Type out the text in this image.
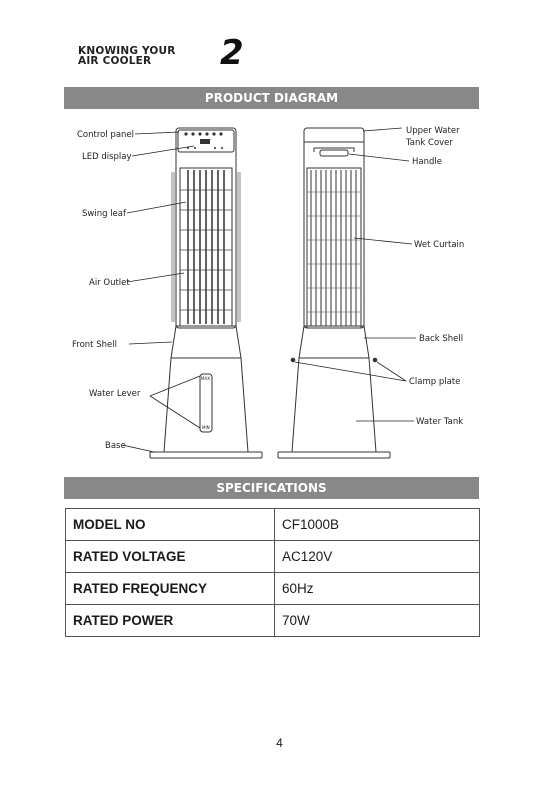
KNOWING YOUR
AIR COOLER	2
PRODUCT DIAGRAM
MAX
MIN
Control panel
LED display
Swing leaf
Air Outlet
Front Shell
Water Lever
Base
Upper Water
Tank Cover
Handle
Wet Curtain
Back Shell
Clamp plate
Water Tank
SPECIFICATIONS
MODEL NO	CF1000B
RATED VOLTAGE	AC120V
RATED FREQUENCY	60Hz
RATED POWER	70W
4
